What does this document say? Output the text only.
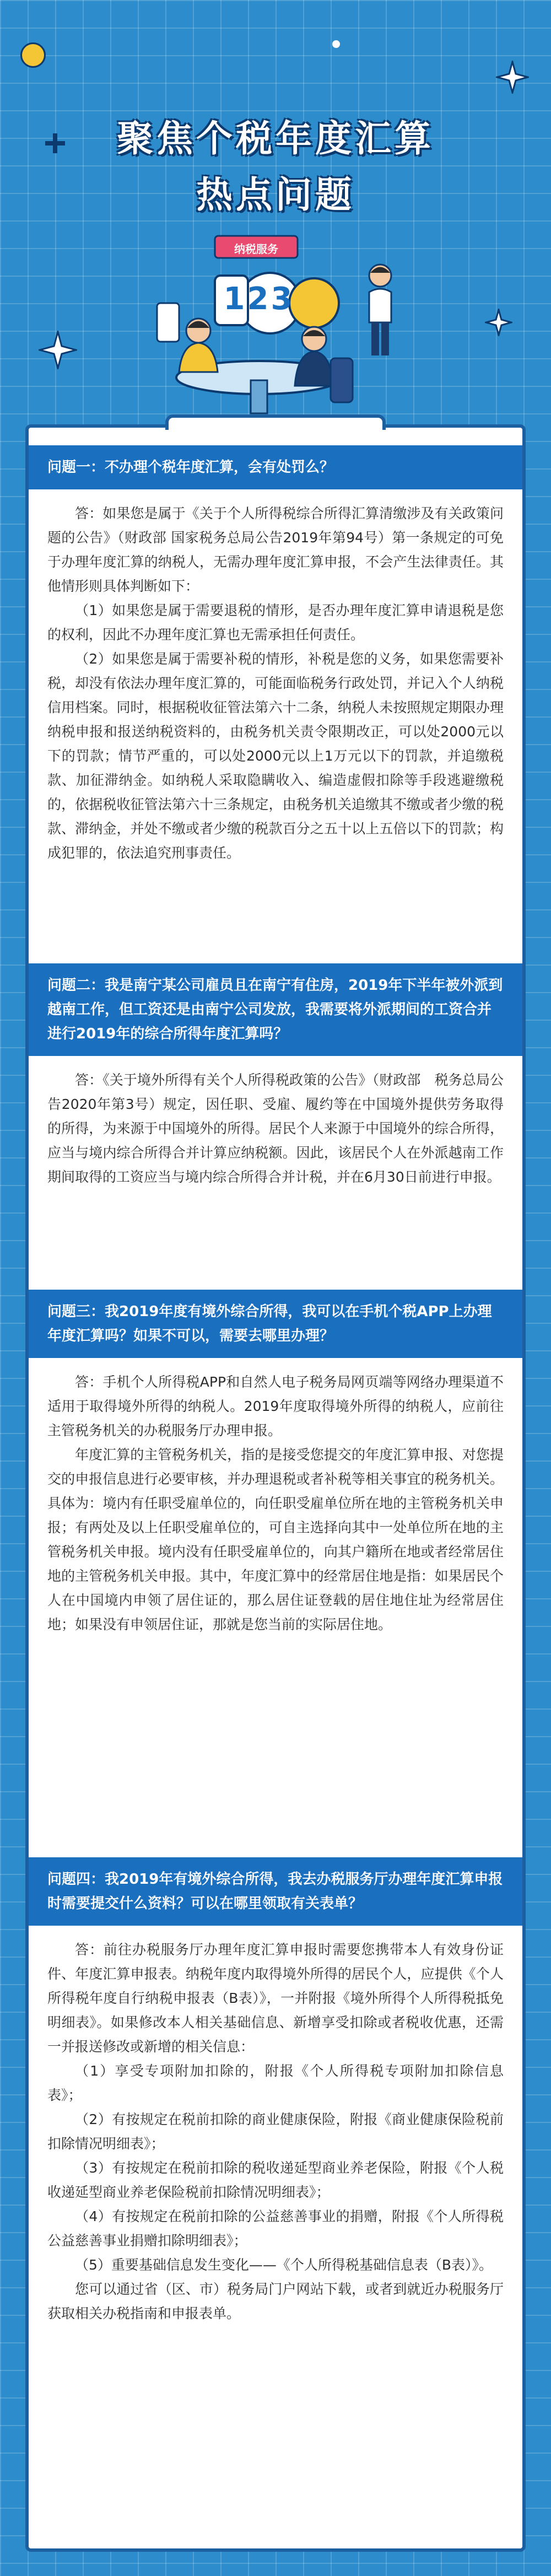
聚焦个税年度汇算
热点问题
纳税服务
123
问题一：不办理个税年度汇算，会有处罚么？

答：如果您是属于《关于个人所得税综合所得汇算清缴涉及有关政策问题的公告》（财政部 国家税务总局公告2019年第94号）第一条规定的可免于办理年度汇算的纳税人，无需办理年度汇算申报，不会产生法律责任。其他情形则具体判断如下：

（1）如果您是属于需要退税的情形，是否办理年度汇算申请退税是您的权利，因此不办理年度汇算也无需承担任何责任。

（2）如果您是属于需要补税的情形，补税是您的义务，如果您需要补税，却没有依法办理年度汇算的，可能面临税务行政处罚，并记入个人纳税信用档案。同时，根据税收征管法第六十二条，纳税人未按照规定期限办理纳税申报和报送纳税资料的，由税务机关责令限期改正，可以处2000元以下的罚款；情节严重的，可以处2000元以上1万元以下的罚款，并追缴税款、加征滞纳金。如纳税人采取隐瞒收入、编造虚假扣除等手段逃避缴税的，依据税收征管法第六十三条规定，由税务机关追缴其不缴或者少缴的税款、滞纳金，并处不缴或者少缴的税款百分之五十以上五倍以下的罚款；构成犯罪的，依法追究刑事责任。

问题二：我是南宁某公司雇员且在南宁有住房，2019年下半年被外派到越南工作，但工资还是由南宁公司发放，我需要将外派期间的工资合并进行2019年的综合所得年度汇算吗？

答：《关于境外所得有关个人所得税政策的公告》（财政部　税务总局公告2020年第3号）规定，因任职、受雇、履约等在中国境外提供劳务取得的所得，为来源于中国境外的所得。居民个人来源于中国境外的综合所得，应当与境内综合所得合并计算应纳税额。因此，该居民个人在外派越南工作期间取得的工资应当与境内综合所得合并计税，并在6月30日前进行申报。

问题三：我2019年度有境外综合所得，我可以在手机个税APP上办理年度汇算吗？如果不可以，需要去哪里办理？

答：手机个人所得税APP和自然人电子税务局网页端等网络办理渠道不适用于取得境外所得的纳税人。2019年度取得境外所得的纳税人，应前往主管税务机关的办税服务厅办理申报。

年度汇算的主管税务机关，指的是接受您提交的年度汇算申报、对您提交的申报信息进行必要审核，并办理退税或者补税等相关事宜的税务机关。具体为：境内有任职受雇单位的，向任职受雇单位所在地的主管税务机关申报；有两处及以上任职受雇单位的，可自主选择向其中一处单位所在地的主管税务机关申报。境内没有任职受雇单位的，向其户籍所在地或者经常居住地的主管税务机关申报。其中，年度汇算中的经常居住地是指：如果居民个人在中国境内申领了居住证的，那么居住证登载的居住地住址为经常居住地；如果没有申领居住证，那就是您当前的实际居住地。

问题四：我2019年有境外综合所得，我去办税服务厅办理年度汇算申报时需要提交什么资料？可以在哪里领取有关表单？

答：前往办税服务厅办理年度汇算申报时需要您携带本人有效身份证件、年度汇算申报表。纳税年度内取得境外所得的居民个人，应提供《个人所得税年度自行纳税申报表（B表）》，一并附报《境外所得个人所得税抵免明细表》。如果修改本人相关基础信息、新增享受扣除或者税收优惠，还需一并报送修改或新增的相关信息：

（1）享受专项附加扣除的，附报《个人所得税专项附加扣除信息表》；

（2）有按规定在税前扣除的商业健康保险，附报《商业健康保险税前扣除情况明细表》；

（3）有按规定在税前扣除的税收递延型商业养老保险，附报《个人税收递延型商业养老保险税前扣除情况明细表》；

（4）有按规定在税前扣除的公益慈善事业的捐赠，附报《个人所得税公益慈善事业捐赠扣除明细表》；

（5）重要基础信息发生变化——《个人所得税基础信息表（B表）》。

您可以通过省（区、市）税务局门户网站下载，或者到就近办税服务厅获取相关办税指南和申报表单。
